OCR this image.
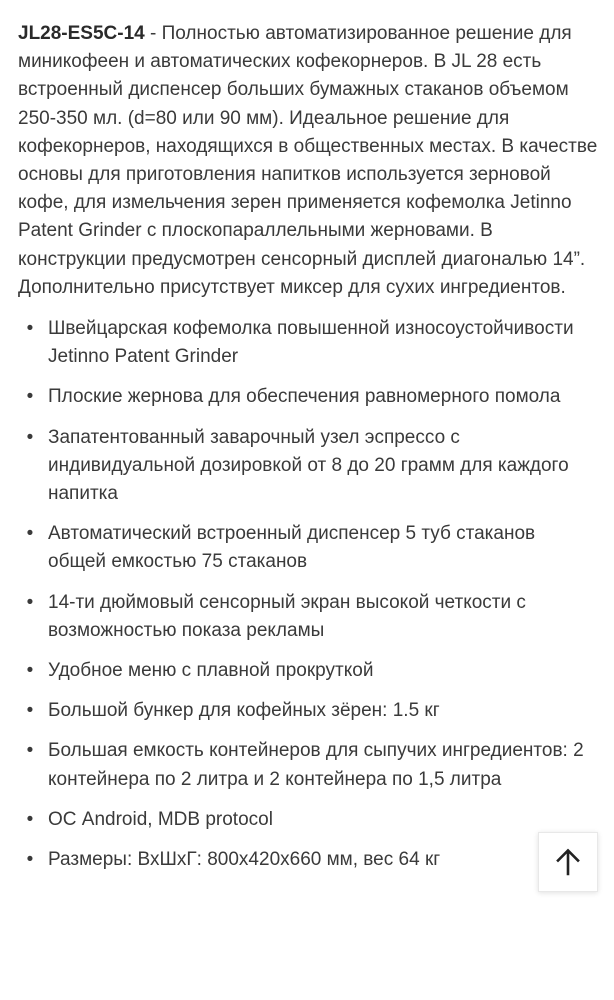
JL28-ES5C-14 - Полностью автоматизированное решение для миникофеен и автоматических кофекорнеров. В JL 28 есть встроенный диспенсер больших бумажных стаканов объемом 250-350 мл. (d=80 или 90 мм). Идеальное решение для кофекорнеров, находящихся в общественных местах. В качестве основы для приготовления напитков используется зерновой кофе, для измельчения зерен применяется кофемолка Jetinno Patent Grinder с плоскопараллельными жерновами. В конструкции предусмотрен сенсорный дисплей диагональю 14”. Дополнительно присутствует миксер для сухих ингредиентов.

• Швейцарская кофемолка повышенной износоустойчивости Jetinno Patent Grinder
• Плоские жернова для обеспечения равномерного помола
• Запатентованный заварочный узел эспрессо с индивидуальной дозировкой от 8 до 20 грамм для каждого напитка
• Автоматический встроенный диспенсер 5 туб стаканов общей емкостью 75 стаканов
• 14-ти дюймовый сенсорный экран высокой четкости с возможностью показа рекламы
• Удобное меню с плавной прокруткой
• Большой бункер для кофейных зёрен: 1.5 кг
• Большая емкость контейнеров для сыпучих ингредиентов: 2 контейнера по 2 литра и 2 контейнера по 1,5 литра
• ОС Android, MDB protocol
• Размеры: ВхШхГ: 800х420х660 мм, вес 64 кг
